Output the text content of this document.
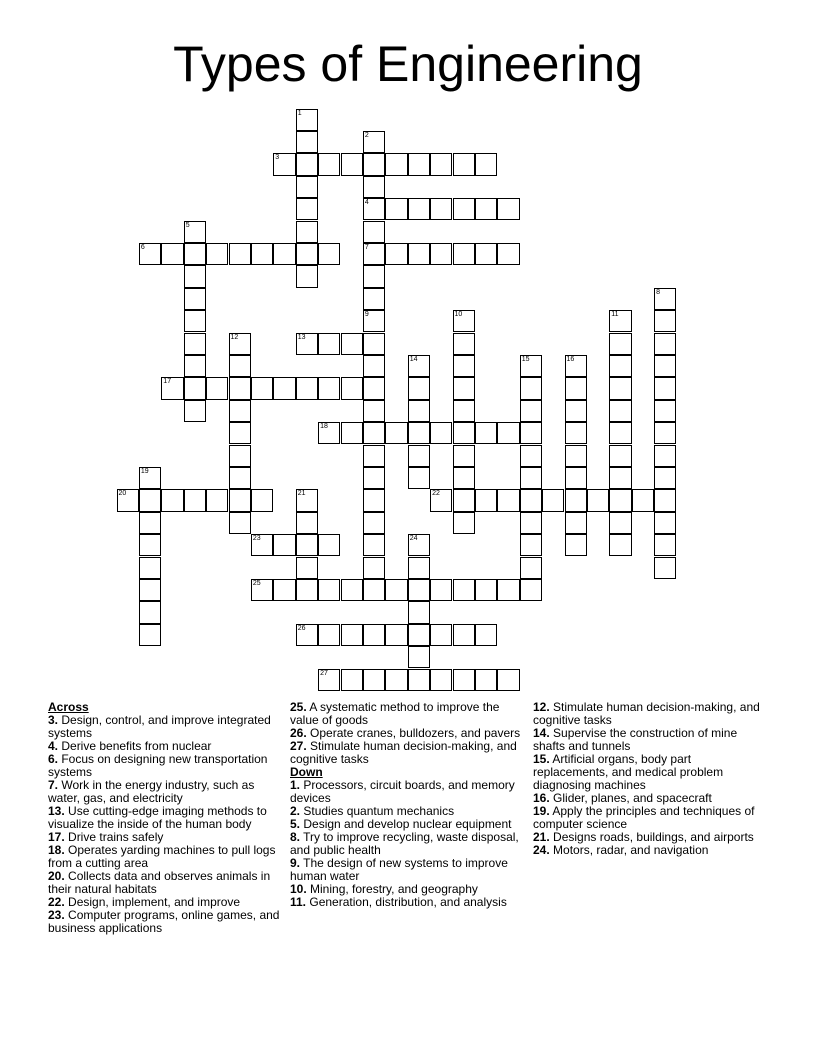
Types of Engineering
1
2
4
7
3
5
6
8
9	10	11
12	13
14	15	16
17
18
19
20	21	22
23	24
25
26
27

Across

3. Design, control, and improve integrated systems

4. Derive benefits from nuclear

6. Focus on designing new transportation systems

7. Work in the energy industry, such as water, gas, and electricity

13. Use cutting-edge imaging methods to visualize the inside of the human body

17. Drive trains safely

18. Operates yarding machines to pull logs from a cutting area

20. Collects data and observes animals in their natural habitats

22. Design, implement, and improve

23. Computer programs, online games, and business applications

25. A systematic method to improve the value of goods

26. Operate cranes, bulldozers, and pavers

27. Stimulate human decision-making, and cognitive tasks

Down

1. Processors, circuit boards, and memory devices

2. Studies quantum mechanics

5. Design and develop nuclear equipment

8. Try to improve recycling, waste disposal, and public health

9. The design of new systems to improve human water

10. Mining, forestry, and geography

11. Generation, distribution, and analysis

12. Stimulate human decision-making, and cognitive tasks

14. Supervise the construction of mine shafts and tunnels

15. Artificial organs, body part replacements, and medical problem diagnosing machines

16. Glider, planes, and spacecraft

19. Apply the principles and techniques of computer science

21. Designs roads, buildings, and airports

24. Motors, radar, and navigation
